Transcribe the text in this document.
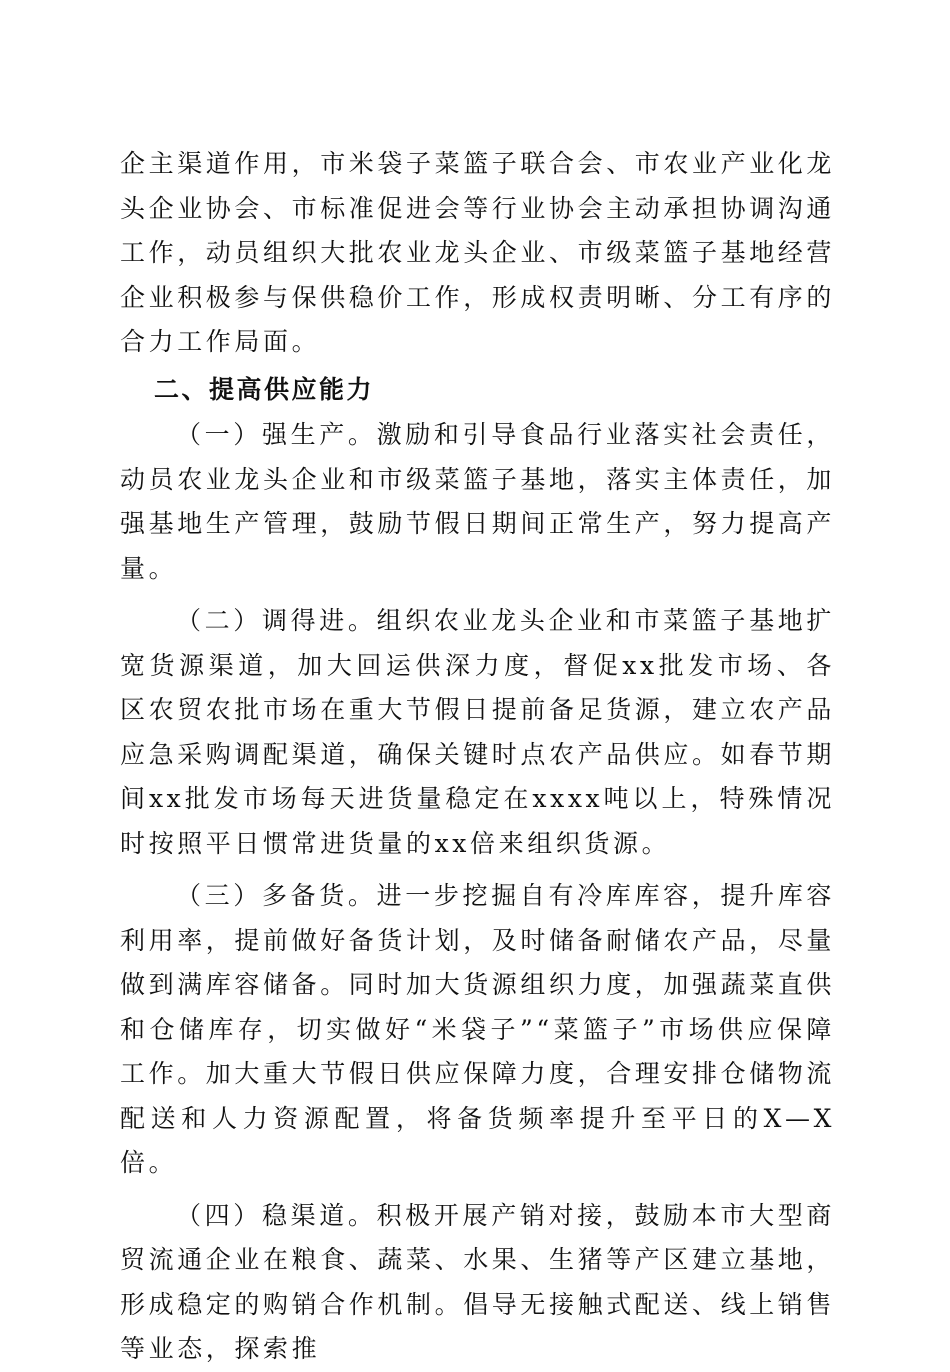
企主渠道作用，市米袋子菜篮子联合会、市农业产业化龙头企业协会、市标准促进会等行业协会主动承担协调沟通工作，动员组织大批农业龙头企业、市级菜篮子基地经营企业积极参与保供稳价工作，形成权责明晰、分工有序的合力工作局面。

二、提高供应能力

（一）强生产。激励和引导食品行业落实社会责任，动员农业龙头企业和市级菜篮子基地，落实主体责任，加强基地生产管理，鼓励节假日期间正常生产，努力提高产量。

（二）调得进。组织农业龙头企业和市菜篮子基地扩宽货源渠道，加大回运供深力度，督促xx批发市场、各区农贸农批市场在重大节假日提前备足货源，建立农产品应急采购调配渠道，确保关键时点农产品供应。如春节期间xx批发市场每天进货量稳定在xxxx吨以上，特殊情况时按照平日惯常进货量的xx倍来组织货源。

（三）多备货。进一步挖掘自有冷库库容，提升库容利用率，提前做好备货计划，及时储备耐储农产品，尽量做到满库容储备。同时加大货源组织力度，加强蔬菜直供和仓储库存，切实做好“米袋子”“菜篮子”市场供应保障工作。加大重大节假日供应保障力度，合理安排仓储物流配送和人力资源配置，将备货频率提升至平日的X—X倍。

（四）稳渠道。积极开展产销对接，鼓励本市大型商贸流通企业在粮食、蔬菜、水果、生猪等产区建立基地，形成稳定的购销合作机制。倡导无接触式配送、线上销售等业态，探索推
